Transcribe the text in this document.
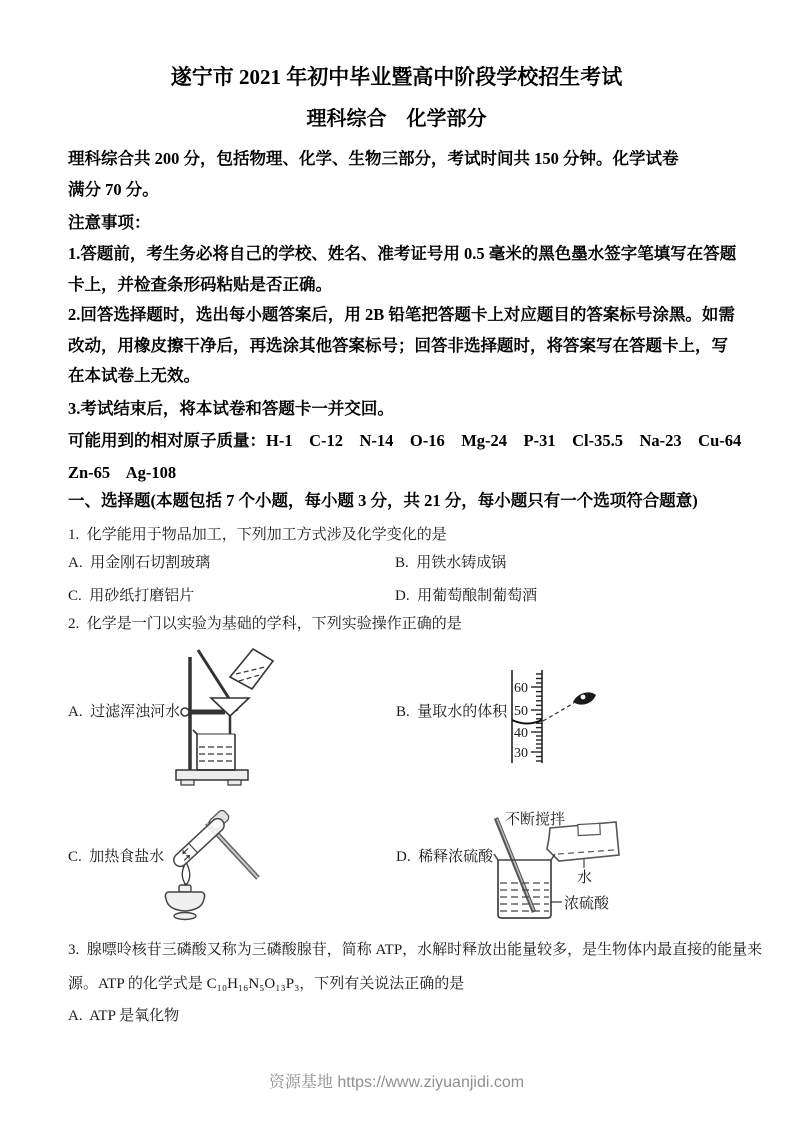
遂宁市 2021 年初中毕业暨高中阶段学校招生考试
理科综合　化学部分
理科综合共 200 分，包括物理、化学、生物三部分，考试时间共 150 分钟。化学试卷
满分 70 分。
注意事项：
1.答题前，考生务必将自己的学校、姓名、准考证号用 0.5 毫米的黑色墨水签字笔填写在答题
卡上，并检查条形码粘贴是否正确。
2.回答选择题时，选出每小题答案后，用 2B 铅笔把答题卡上对应题目的答案标号涂黑。如需
改动，用橡皮擦干净后，再选涂其他答案标号；回答非选择题时，将答案写在答题卡上，写
在本试卷上无效。
3.考试结束后，将本试卷和答题卡一并交回。
可能用到的相对原子质量：H-1    C-12    N-14    O-16    Mg-24    P-31    Cl-35.5    Na-23    Cu-64
Zn-65    Ag-108
一、选择题(本题包括 7 个小题，每小题 3 分，共 21 分，每小题只有一个选项符合题意)
1.  化学能用于物品加工，下列加工方式涉及化学变化的是
A.  用金刚石切割玻璃	B.  用铁水铸成锅
C.  用砂纸打磨铝片	D.  用葡萄酿制葡萄酒
2.  化学是一门以实验为基础的学科，下列实验操作正确的是
A.  过滤浑浊河水	B.  量取水的体积
C.  加热食盐水	D.  稀释浓硫酸
60
50
40
30
不断搅拌
水
浓硫酸
3.  腺嘌呤核苷三磷酸又称为三磷酸腺苷，简称 ATP，水解时释放出能量较多，是生物体内最直接的能量来
源。ATP 的化学式是 C₁₀H₁₆N₅O₁₃P₃，下列有关说法正确的是
A.  ATP 是氧化物
资源基地 https://www.ziyuanjidi.com
